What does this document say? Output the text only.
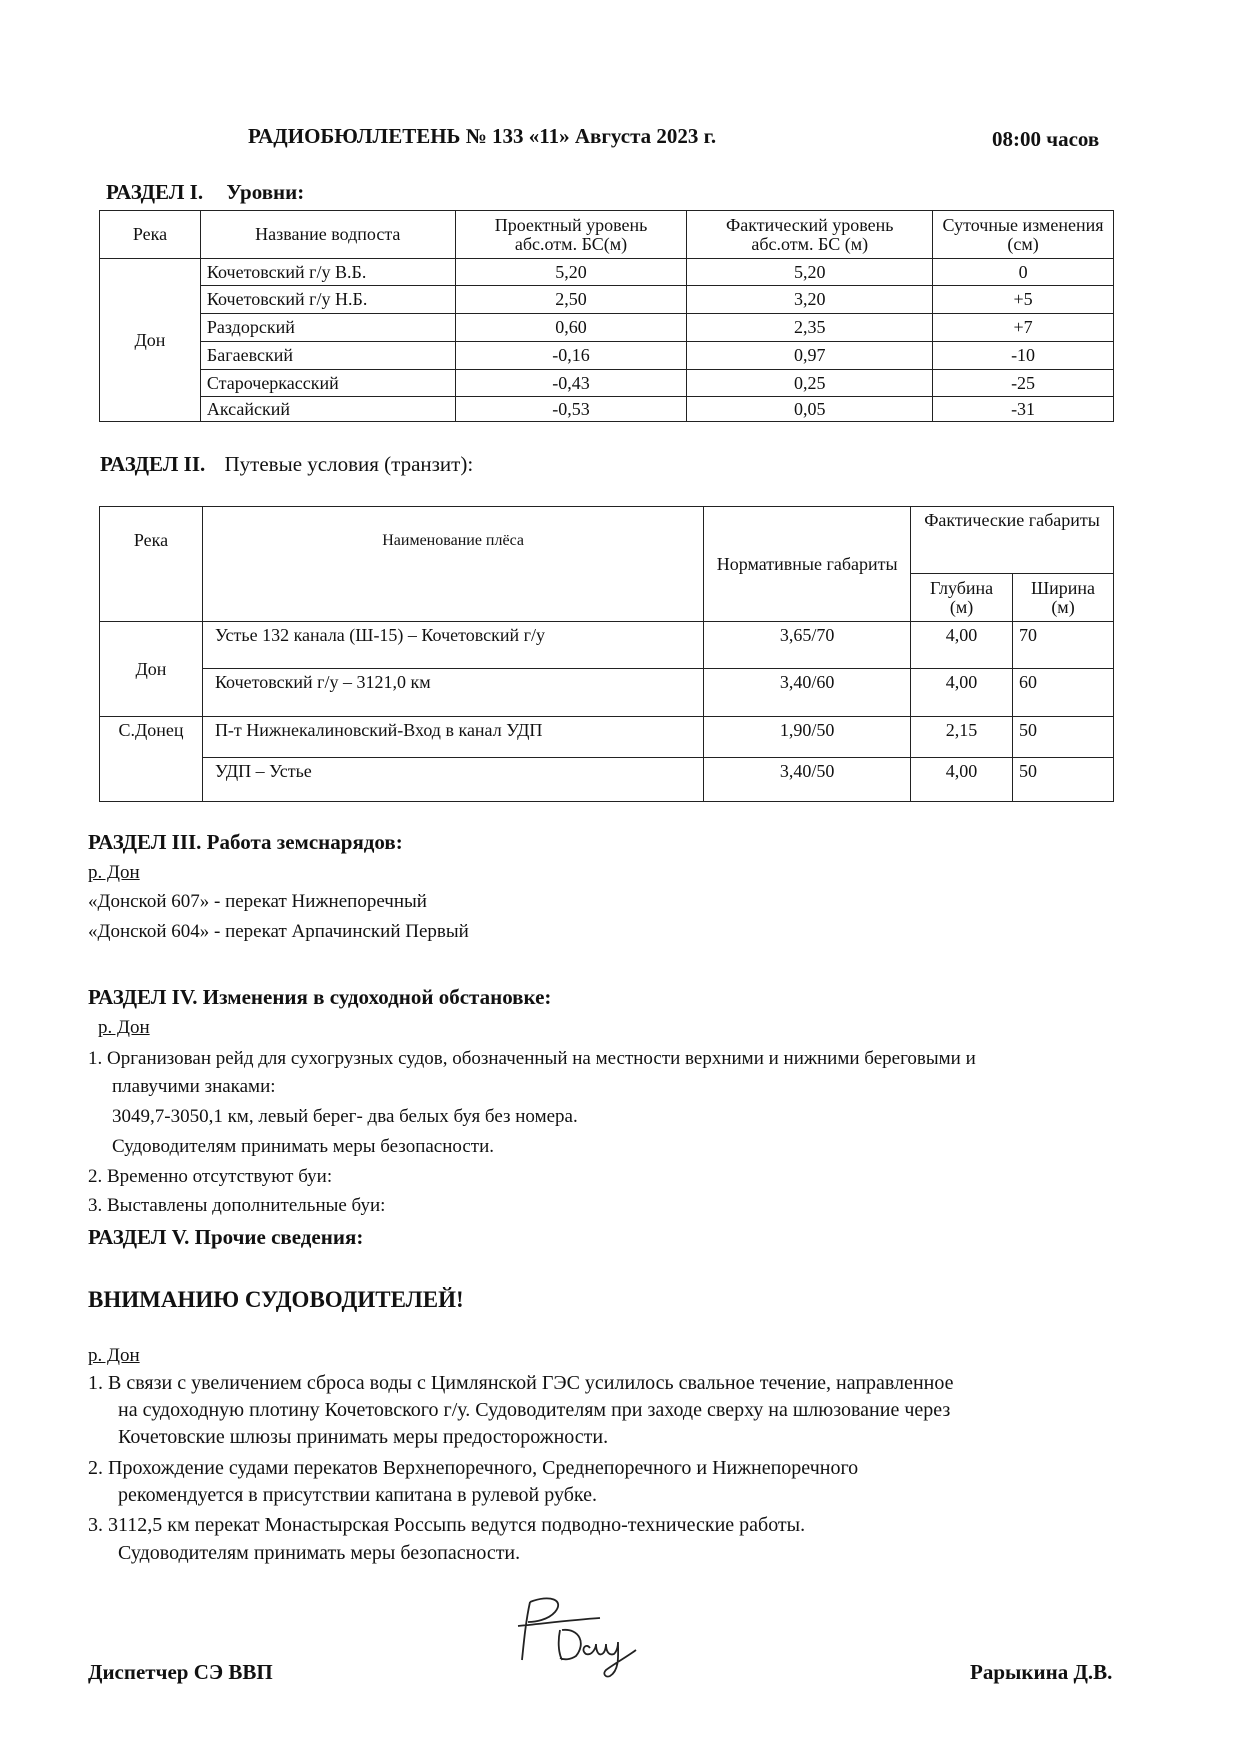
РАДИОБЮЛЛЕТЕНЬ № 133 «11» Августа 2023 г.	08:00 часов
РАЗДЕЛ I. Уровни:
Река	Название водпоста	Проектный уровень абс.отм. БС(м)	Фактический уровень абс.отм. БС (м)	Суточные изменения (см)
Дон	Кочетовский г/у В.Б.	5,20	5,20	0
	Кочетовский г/у Н.Б.	2,50	3,20	+5
	Раздорский	0,60	2,35	+7
	Багаевский	-0,16	0,97	-10
	Старочеркасский	-0,43	0,25	-25
	Аксайский	-0,53	0,05	-31
РАЗДЕЛ II. Путевые условия (транзит):
Река	Наименование плёса	Нормативные габариты	Фактические габариты	
			Глубина (м)	Ширина (м)
Дон	Устье 132 канала (Ш-15) – Кочетовский г/у	3,65/70	4,00	70
	Кочетовский г/у – 3121,0 км	3,40/60	4,00	60
С.Донец	П-т Нижнекалиновский-Вход в канал УДП	1,90/50	2,15	50
	УДП – Устье	3,40/50	4,00	50
РАЗДЕЛ III. Работа земснарядов:
р. Дон
«Донской 607» - перекат Нижнепоречный
«Донской 604» - перекат Арпачинский Первый
РАЗДЕЛ IV. Изменения в судоходной обстановке:
р. Дон
1. Организован рейд для сухогрузных судов, обозначенный на местности верхними и нижними береговыми и
плавучими знаками:
3049,7-3050,1 км, левый берег- два белых буя без номера.
Судоводителям принимать меры безопасности.
2. Временно отсутствуют буи:
3. Выставлены дополнительные буи:
РАЗДЕЛ V. Прочие сведения:
ВНИМАНИЮ СУДОВОДИТЕЛЕЙ!
р. Дон
1. В связи с увеличением сброса воды с Цимлянской ГЭС усилилось свальное течение, направленное
на судоходную плотину Кочетовского г/у. Судоводителям при заходе сверху на шлюзование через
Кочетовские шлюзы принимать меры предосторожности.
2. Прохождение судами перекатов Верхнепоречного, Среднепоречного и Нижнепоречного
рекомендуется в присутствии капитана в рулевой рубке.
3. 3112,5 км перекат Монастырская Россыпь ведутся подводно-технические работы.
Судоводителям принимать меры безопасности.
Диспетчер СЭ ВВП	Рарыкина Д.В.
